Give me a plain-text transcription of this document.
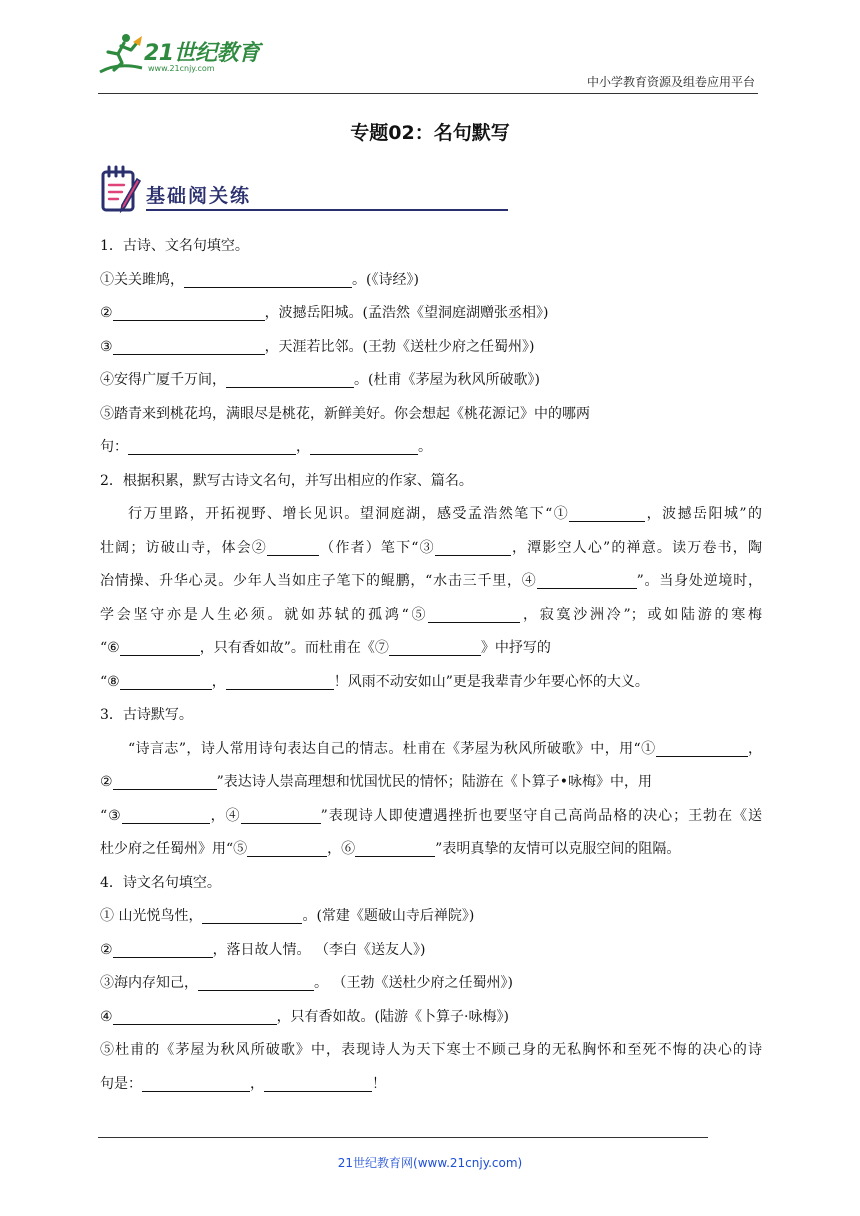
21世纪教育
www.21cnjy.com
中小学教育资源及组卷应用平台
专题02：名句默写
基础阅关练
1．古诗、文名句填空。
①关关雎鸠，	。(《诗经》)
②	，波撼岳阳城。(孟浩然《望洞庭湖赠张丞相》)
③	，天涯若比邻。(王勃《送杜少府之任蜀州》)
④安得广厦千万间，	。(杜甫《茅屋为秋风所破歌》)
⑤踏青来到桃花坞，满眼尽是桃花，新鲜美好。你会想起《桃花源记》中的哪两
句：	，	。
2．根据积累，默写古诗文名句，并写出相应的作家、篇名。
行万里路，开拓视野、增长见识。望洞庭湖，感受孟浩然笔下“①	，波撼岳阳城”的
壮阔；访破山寺，体会②	（作者）笔下“③	，潭影空人心”的禅意。读万卷书，陶
冶情操、升华心灵。少年人当如庄子笔下的鲲鹏，“水击三千里，④	”。当身处逆境时，
学会坚守亦是人生必须。就如苏轼的孤鸿“⑤	，寂寞沙洲冷”；或如陆游的寒梅
“⑥	，只有香如故”。而杜甫在《⑦	》中抒写的
“⑧	，	！风雨不动安如山”更是我辈青少年要心怀的大义。
3．古诗默写。
“诗言志”，诗人常用诗句表达自己的情志。杜甫在《茅屋为秋风所破歌》中，用“①	，
②	”表达诗人崇高理想和忧国忧民的情怀；陆游在《卜算子•咏梅》中，用
“③	，④	”表现诗人即使遭遇挫折也要坚守自己高尚品格的决心；王勃在《送
杜少府之任蜀州》用“⑤	，⑥	”表明真挚的友情可以克服空间的阻隔。
4．诗文名句填空。
① 山光悦鸟性，	。(常建《题破山寺后禅院》)
②	，落日故人情。 （李白《送友人》)
③海内存知己，	。 （王勃《送杜少府之任蜀州》)
④	，只有香如故。(陆游《卜算子·咏梅》)
⑤杜甫的《茅屋为秋风所破歌》中，表现诗人为天下寒士不顾己身的无私胸怀和至死不悔的决心的诗
句是：	，	！
21世纪教育网(www.21cnjy.com)
